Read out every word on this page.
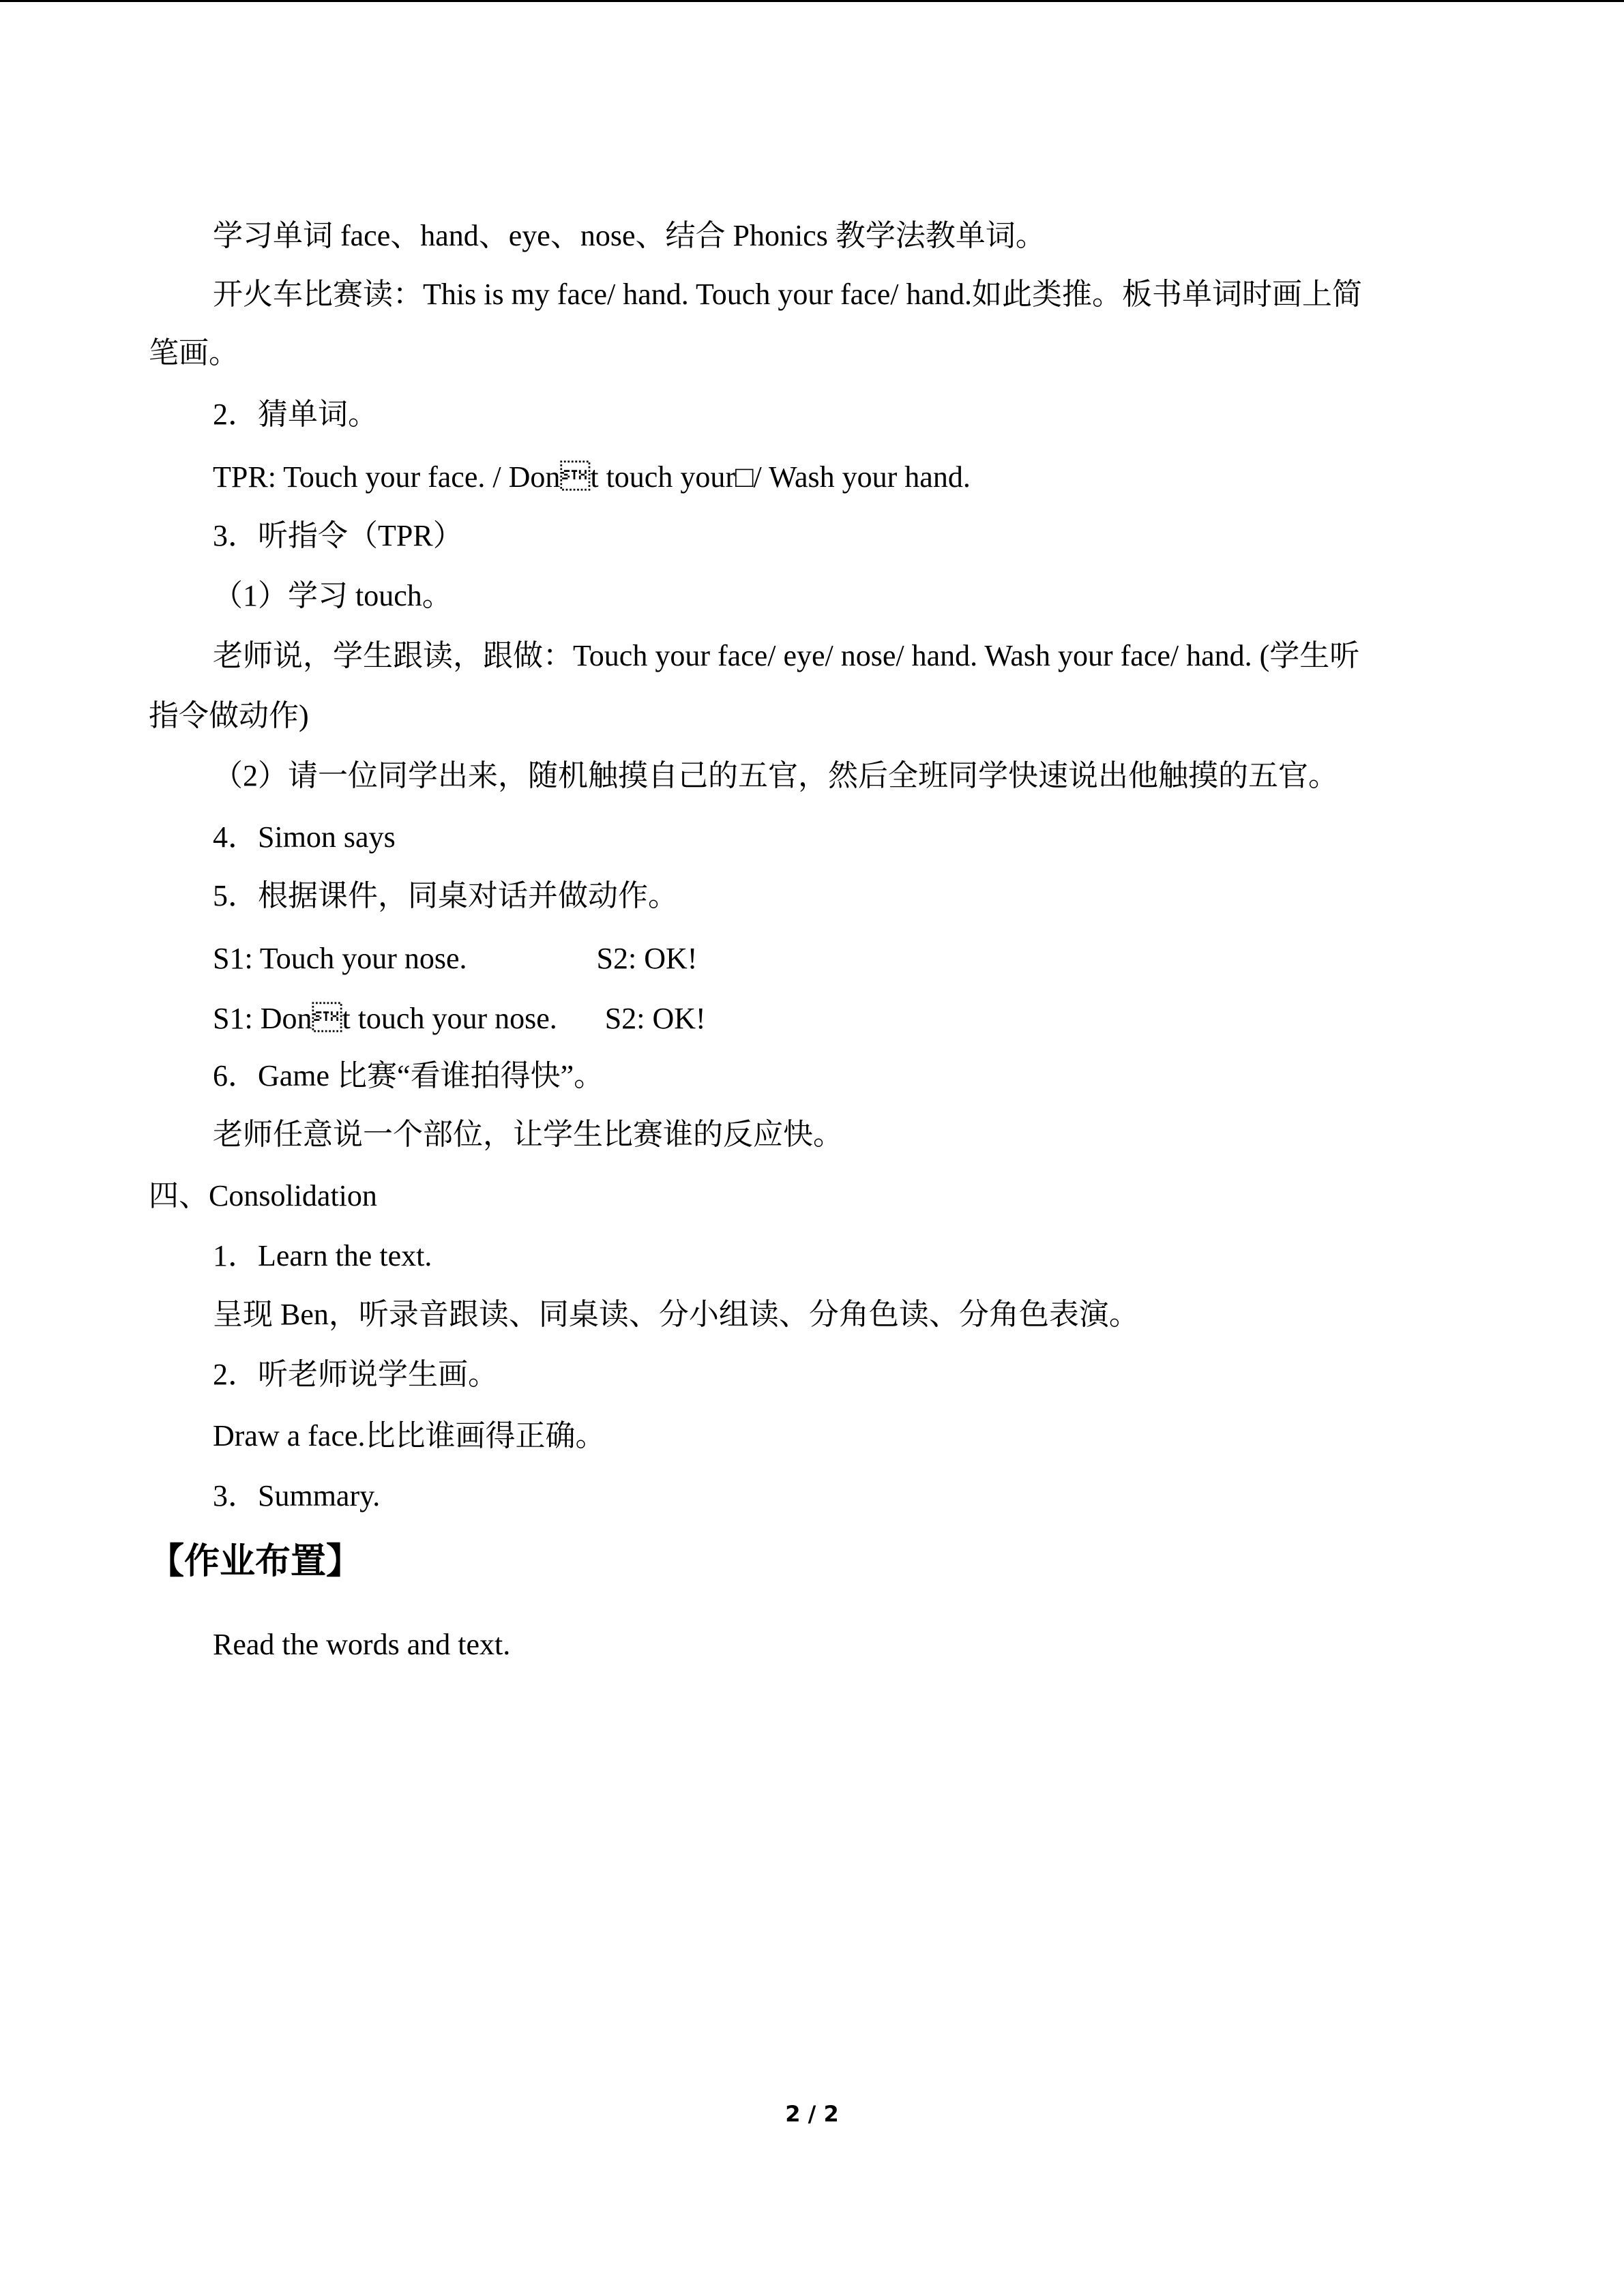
学习单词 face、hand、eye、nose、结合 Phonics 教学法教单词。
开火车比赛读：This is my face/ hand. Touch your face/ hand.如此类推。板书单词时画上简
笔画。
2．猜单词。
TPR: Touch your face. / Dont touch your□/ Wash your hand.
3．听指令（TPR）
（1）学习 touch。
老师说，学生跟读，跟做：Touch your face/ eye/ nose/ hand. Wash your face/ hand. (学生听
指令做动作)
（2）请一位同学出来，随机触摸自己的五官，然后全班同学快速说出他触摸的五官。
4．Simon says
5．根据课件，同桌对话并做动作。
S1: Touch your nose.	S2: OK!
S1: Dont touch your nose. S2: OK!
6．Game 比赛“看谁拍得快”。
老师任意说一个部位，让学生比赛谁的反应快。
四、Consolidation
1．Learn the text.
呈现 Ben，听录音跟读、同桌读、分小组读、分角色读、分角色表演。
2．听老师说学生画。
Draw a face.比比谁画得正确。
3．Summary.
【作业布置】
Read the words and text.
2 / 2
